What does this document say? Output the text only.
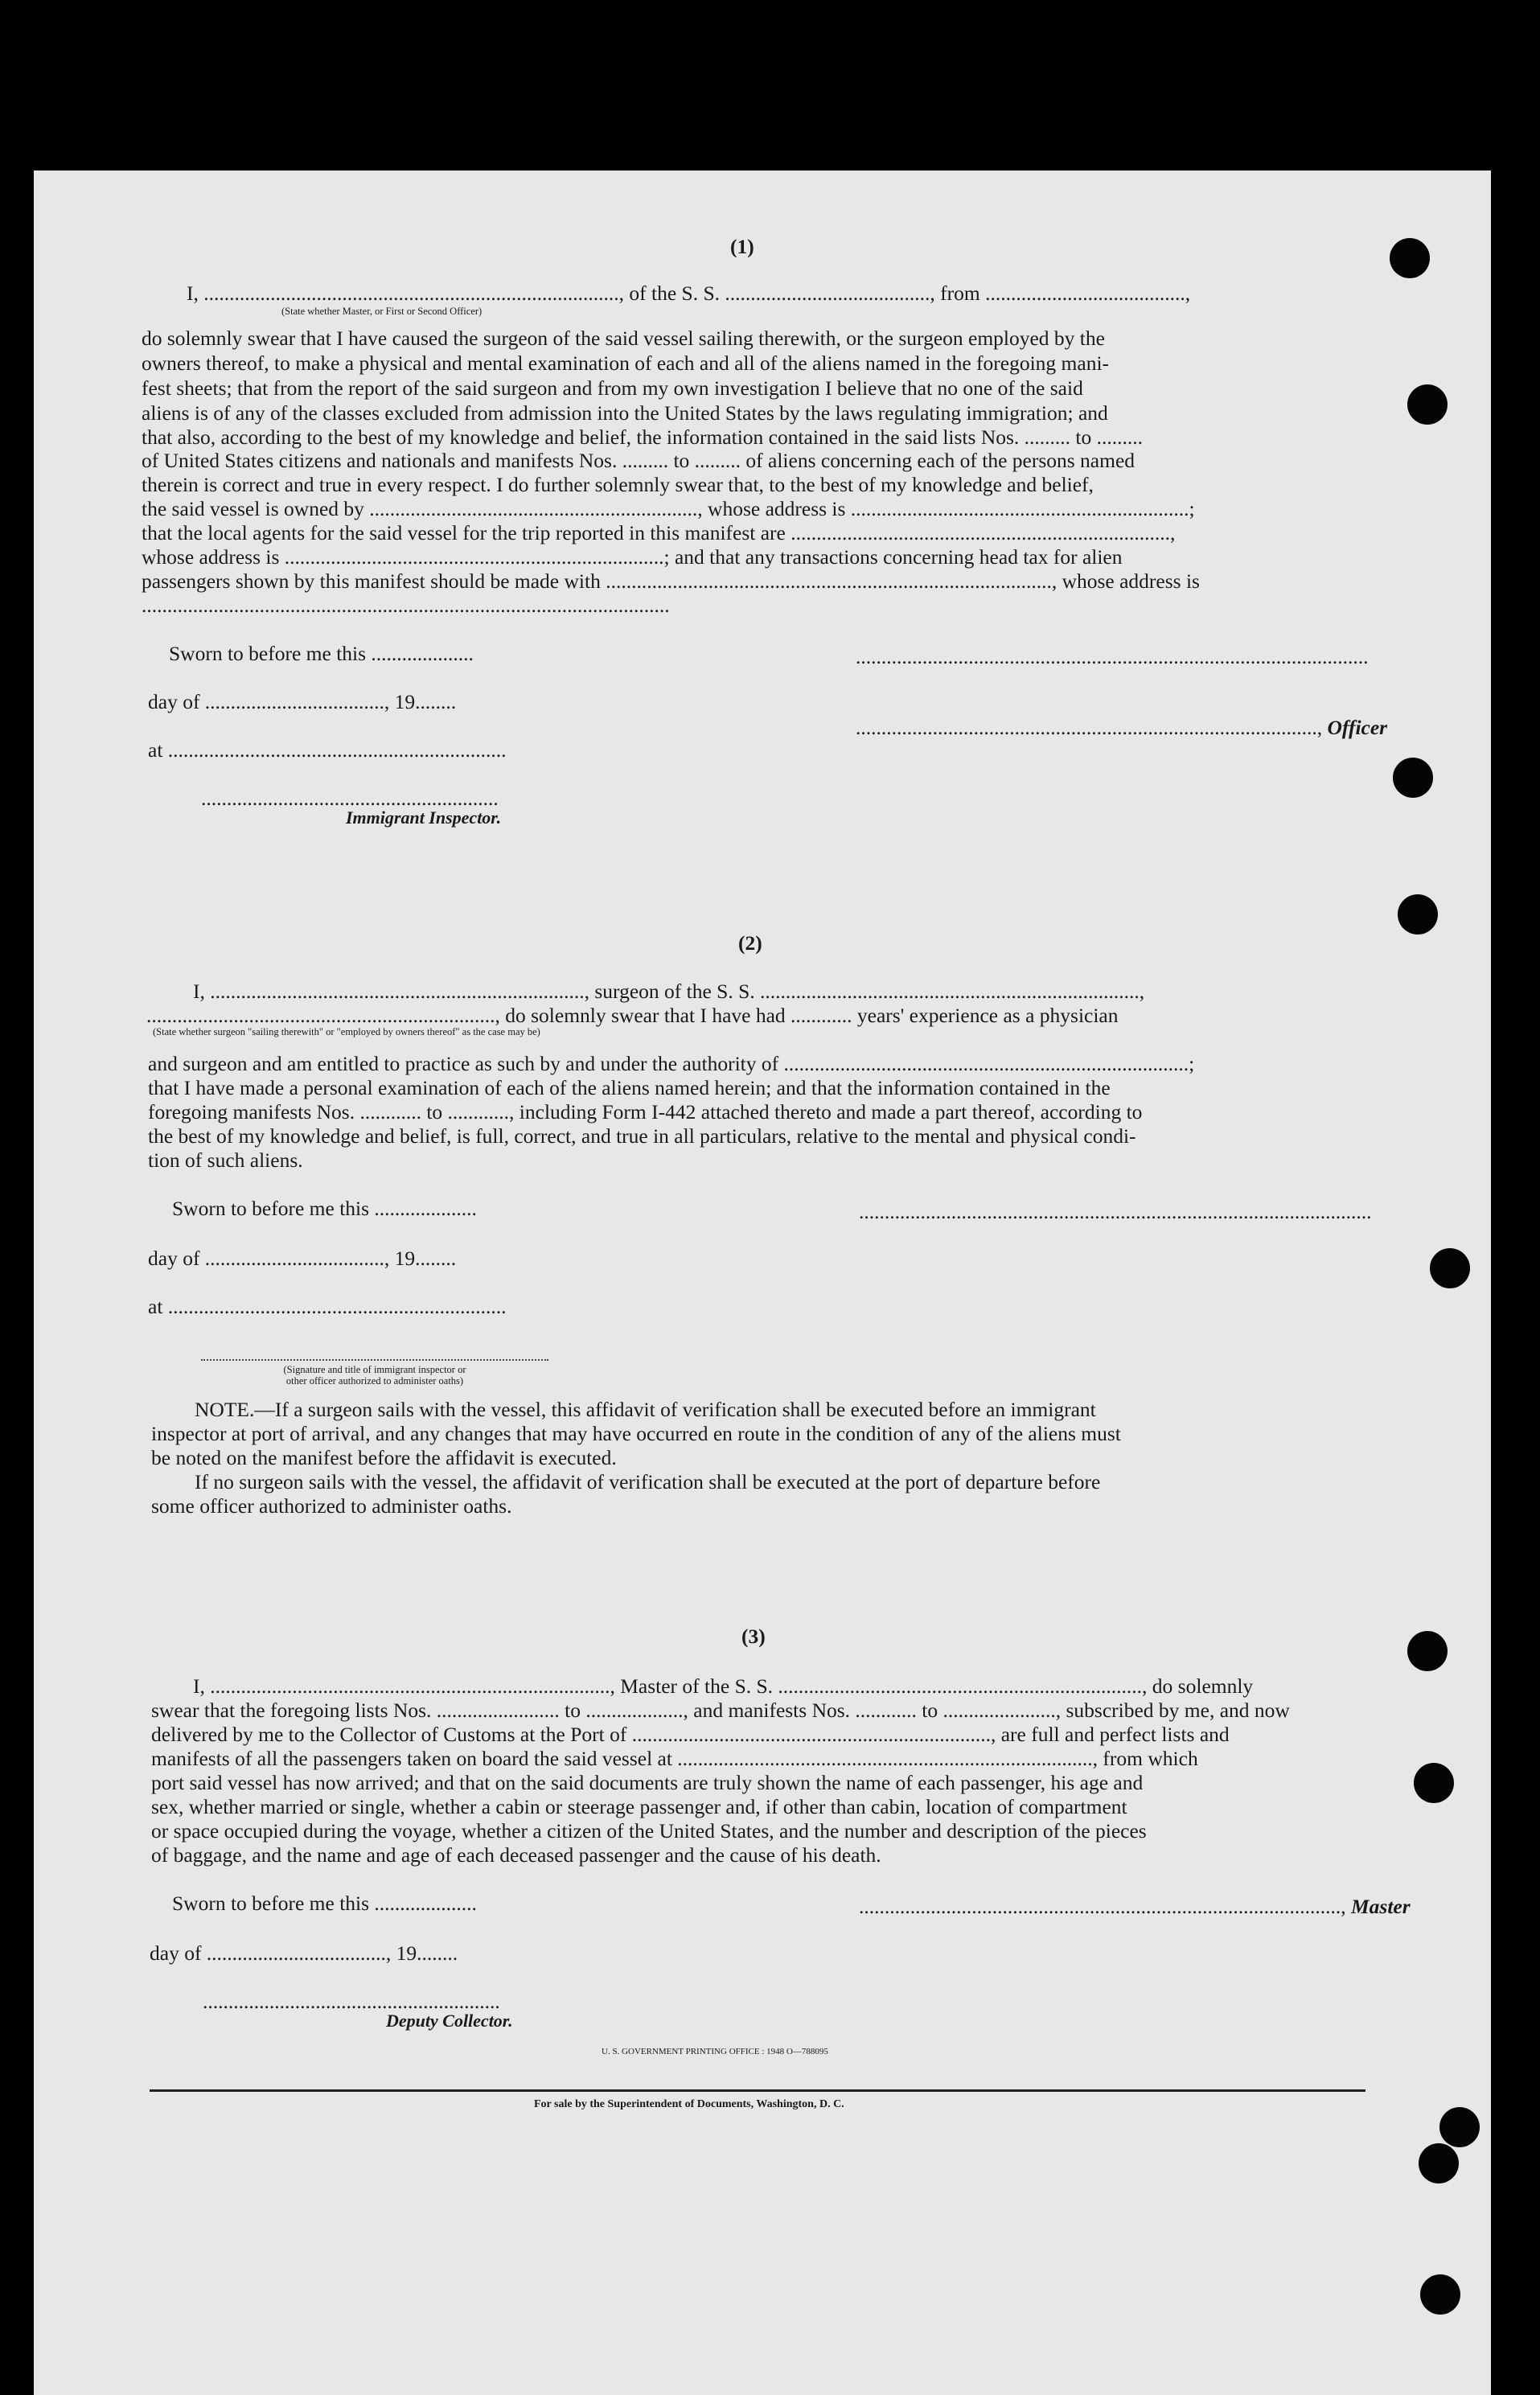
(1)
I, ................................................................................., of the S. S. ........................................, from .......................................,
(State whether Master, or First or Second Officer)
do solemnly swear that I have caused the surgeon of the said vessel sailing therewith, or the surgeon employed by the
owners thereof, to make a physical and mental examination of each and all of the aliens named in the foregoing mani-
fest sheets; that from the report of the said surgeon and from my own investigation I believe that no one of the said
aliens is of any of the classes excluded from admission into the United States by the laws regulating immigration; and
that also, according to the best of my knowledge and belief, the information contained in the said lists Nos. ......... to .........
of United States citizens and nationals and manifests Nos. ......... to ......... of aliens concerning each of the persons named
therein is correct and true in every respect. I do further solemnly swear that, to the best of my knowledge and belief,
the said vessel is owned by ................................................................, whose address is ..................................................................;
that the local agents for the said vessel for the trip reported in this manifest are ..........................................................................,
whose address is ..........................................................................; and that any transactions concerning head tax for alien
passengers shown by this manifest should be made with ......................................................................................., whose address is
.......................................................................................................
Sworn to before me this ....................
day of ..................................., 19........
at ..................................................................
..........................................................
Immigrant Inspector.
....................................................................................................
.........................................................................................., Officer
(2)
I, ........................................................................., surgeon of the S. S. ..........................................................................,
...................................................................., do solemnly swear that I have had ............ years' experience as a physician
(State whether surgeon "sailing therewith" or "employed by owners thereof" as the case may be)
and surgeon and am entitled to practice as such by and under the authority of ...............................................................................;
that I have made a personal examination of each of the aliens named herein; and that the information contained in the
foregoing manifests Nos. ............ to ............, including Form I-442 attached thereto and made a part thereof, according to
the best of my knowledge and belief, is full, correct, and true in all particulars, relative to the mental and physical condi-
tion of such aliens.
Sworn to before me this ....................	....................................................................................................
day of ..................................., 19........
at ..................................................................
(Signature and title of immigrant inspector or
other officer authorized to administer oaths)
NOTE.—If a surgeon sails with the vessel, this affidavit of verification shall be executed before an immigrant
inspector at port of arrival, and any changes that may have occurred en route in the condition of any of the aliens must
be noted on the manifest before the affidavit is executed.
If no surgeon sails with the vessel, the affidavit of verification shall be executed at the port of departure before
some officer authorized to administer oaths.
(3)
I, .............................................................................., Master of the S. S. ......................................................................., do solemnly
swear that the foregoing lists Nos. ........................ to ..................., and manifests Nos. ............ to ......................, subscribed by me, and now
delivered by me to the Collector of Customs at the Port of ......................................................................, are full and perfect lists and
manifests of all the passengers taken on board the said vessel at ................................................................................., from which
port said vessel has now arrived; and that on the said documents are truly shown the name of each passenger, his age and
sex, whether married or single, whether a cabin or steerage passenger and, if other than cabin, location of compartment
or space occupied during the voyage, whether a citizen of the United States, and the number and description of the pieces
of baggage, and the name and age of each deceased passenger and the cause of his death.
Sworn to before me this ....................	.............................................................................................., Master
day of ..................................., 19........
..........................................................
Deputy Collector.
U. S. GOVERNMENT PRINTING OFFICE : 1948 O—788095
For sale by the Superintendent of Documents, Washington, D. C.
